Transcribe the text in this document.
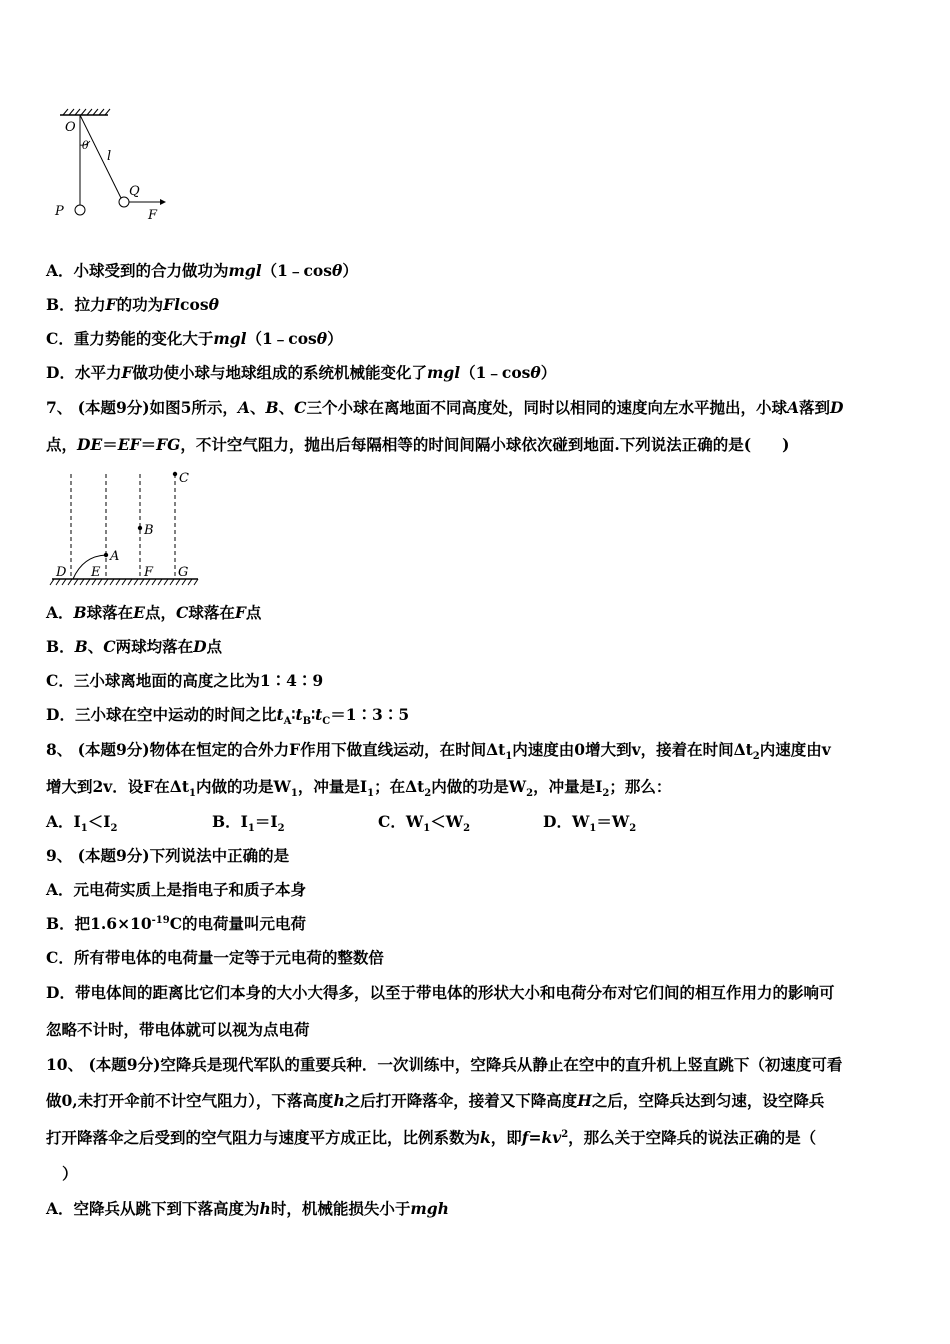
O
θ
l
Q
P	F
A．小球受到的合力做功为mgl（1﹣cosθ）
B．拉力F的功为Flcosθ
C．重力势能的变化大于mgl（1﹣cosθ）
D．水平力F做功使小球与地球组成的系统机械能变化了mgl（1﹣cosθ）
7、 (本题9分)如图5所示，A、B、C三个小球在离地面不同高度处，同时以相同的速度向左水平抛出，小球A落到D
点，DE＝EF＝FG，不计空气阻力，抛出后每隔相等的时间间隔小球依次碰到地面.下列说法正确的是(　　)
C
B
A
D E	F G
A．B球落在E点，C球落在F点
B．B、C两球均落在D点
C．三小球离地面的高度之比为1∶4∶9
D．三小球在空中运动的时间之比$t_A∶t_B∶t_C=1∶3∶5$
8、 (本题9分)物体在恒定的合外力F作用下做直线运动，在时间$\Delta t_1$内速度由0增大到v，接着在时间$\Delta t_2$内速度由v
增大到2v．设F在$\Delta t_1$内做的功是$W_1$，冲量是$I_1$；在$\Delta t_2$内做的功是$W_2$，冲量是$I_2$；那么：
A．$I_1<I_2$	B．$I_1=I_2$	C．$W_1<W_2$	D．$W_1=W_2$
9、 (本题9分)下列说法中正确的是
A．元电荷实质上是指电子和质子本身
B．把$1.6\times 10^{-19}C$的电荷量叫元电荷
C．所有带电体的电荷量一定等于元电荷的整数倍
D．带电体间的距离比它们本身的大小大得多，以至于带电体的形状大小和电荷分布对它们间的相互作用力的影响可
忽略不计时，带电体就可以视为点电荷
10、 (本题9分)空降兵是现代军队的重要兵种．一次训练中，空降兵从静止在空中的直升机上竖直跳下（初速度可看
做0,未打开伞前不计空气阻力），下落高度h之后打开降落伞，接着又下降高度H之后，空降兵达到匀速，设空降兵
打开降落伞之后受到的空气阻力与速度平方成正比，比例系数为k，即$f=kv^2$，那么关于空降兵的说法正确的是（
）
A．空降兵从跳下到下落高度为h时，机械能损失小于mgh
